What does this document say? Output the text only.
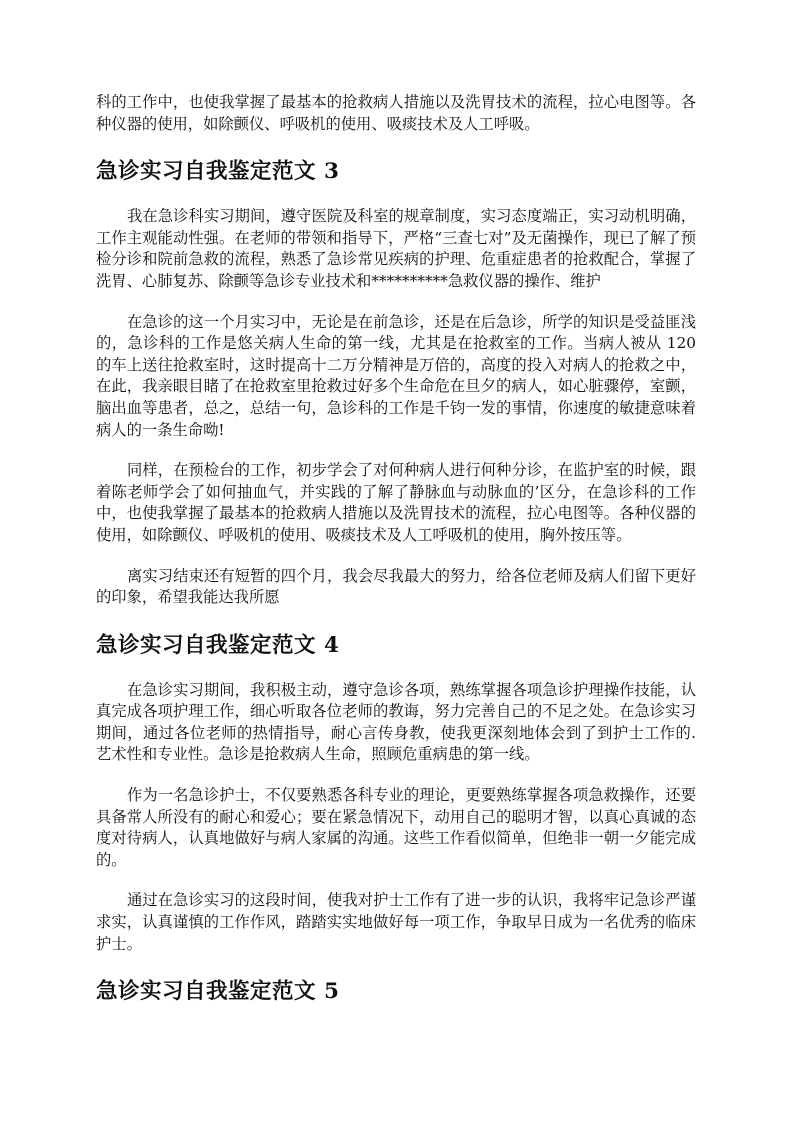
科的工作中，也使我掌握了最基本的抢救病人措施以及洗胃技术的流程，拉心电图等。各种仪器的使用，如除颤仪、呼吸机的使用、吸痰技术及人工呼吸。

急诊实习自我鉴定范文 3

我在急诊科实习期间，遵守医院及科室的规章制度，实习态度端正，实习动机明确，工作主观能动性强。在老师的带领和指导下，严格“三查七对”及无菌操作，现已了解了预检分诊和院前急救的流程，熟悉了急诊常见疾病的护理、危重症患者的抢救配合，掌握了洗胃、心肺复苏、除颤等急诊专业技术和**********急救仪器的操作、维护

在急诊的这一个月实习中，无论是在前急诊，还是在后急诊，所学的知识是受益匪浅的，急诊科的工作是悠关病人生命的第一线，尤其是在抢救室的工作。当病人被从 120 的车上送往抢救室时，这时提高十二万分精神是万倍的，高度的投入对病人的抢救之中，在此，我亲眼目睹了在抢救室里抢救过好多个生命危在旦夕的病人，如心脏骤停，室颤，脑出血等患者，总之，总结一句，急诊科的工作是千钧一发的事情，你速度的敏捷意味着病人的一条生命呦!

同样，在预检台的工作，初步学会了对何种病人进行何种分诊，在监护室的时候，跟着陈老师学会了如何抽血气，并实践的了解了静脉血与动脉血的’区分，在急诊科的工作中，也使我掌握了最基本的抢救病人措施以及洗胃技术的流程，拉心电图等。各种仪器的使用，如除颤仪、呼吸机的使用、吸痰技术及人工呼吸机的使用，胸外按压等。

离实习结束还有短暂的四个月，我会尽我最大的努力，给各位老师及病人们留下更好的印象，希望我能达我所愿

急诊实习自我鉴定范文 4

在急诊实习期间，我积极主动，遵守急诊各项，熟练掌握各项急诊护理操作技能，认真完成各项护理工作，细心听取各位老师的教诲，努力完善自己的不足之处。在急诊实习期间，通过各位老师的热情指导，耐心言传身教，使我更深刻地体会到了到护士工作的.艺术性和专业性。急诊是抢救病人生命，照顾危重病患的第一线。

作为一名急诊护士，不仅要熟悉各科专业的理论，更要熟练掌握各项急救操作，还要具备常人所没有的耐心和爱心；要在紧急情况下，动用自己的聪明才智，以真心真诚的态度对待病人，认真地做好与病人家属的沟通。这些工作看似简单，但绝非一朝一夕能完成的。

通过在急诊实习的这段时间，使我对护士工作有了进一步的认识，我将牢记急诊严谨求实，认真谨慎的工作作风，踏踏实实地做好每一项工作，争取早日成为一名优秀的临床护士。

急诊实习自我鉴定范文 5
